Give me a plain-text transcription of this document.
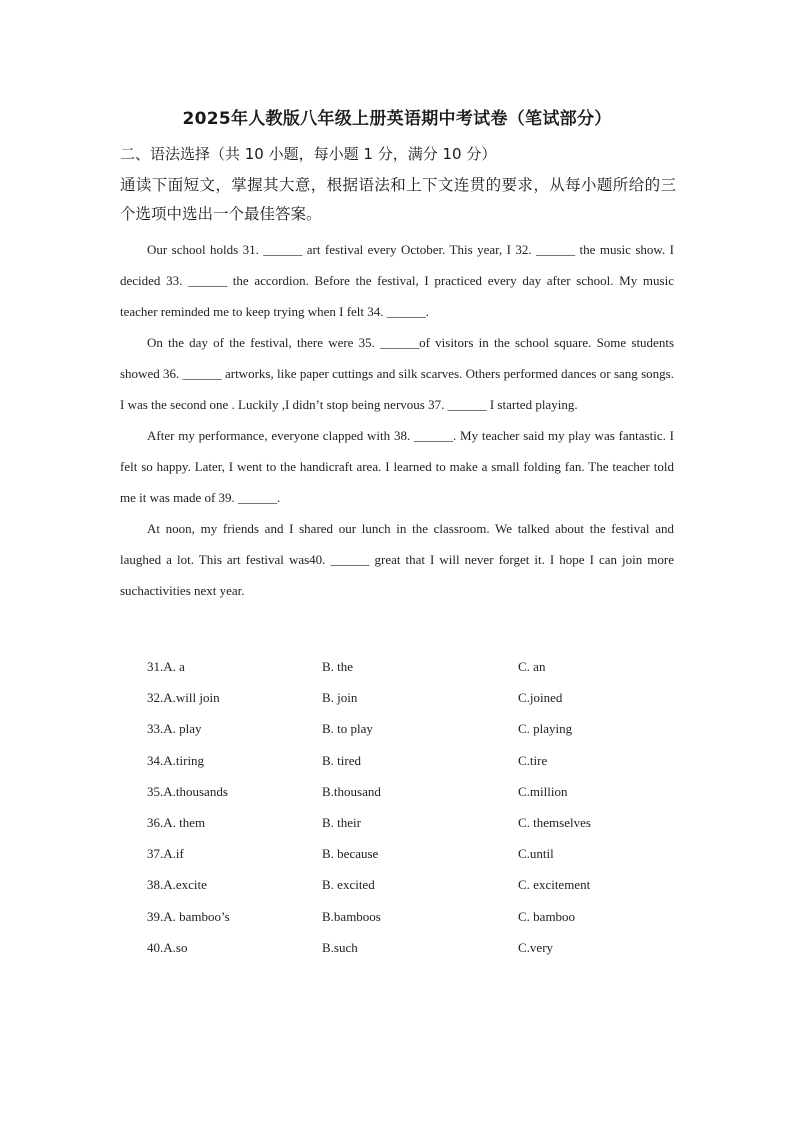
2025年人教版八年级上册英语期中考试卷（笔试部分）
二、语法选择（共 10 小题，每小题 1 分，满分 10 分）
通读下面短文，掌握其大意，根据语法和上下文连贯的要求，从每小题所给的三个选项中选出一个最佳答案。

Our school holds 31. ______ art festival every October. This year, I 32. ______ the music show. I decided 33. ______ the accordion. Before the festival, I practiced every day after school. My music teacher reminded me to keep trying when I felt 34. ______.

On the day of the festival, there were 35. ______of visitors in the school square. Some students showed 36. ______ artworks, like paper cuttings and silk scarves. Others performed dances or sang songs. I was the second one . Luckily ,I didn’t stop being nervous 37. ______ I started playing.

After my performance, everyone clapped with 38. ______. My teacher said my play was fantastic. I felt so happy. Later, I went to the handicraft area. I learned to make a small folding fan. The teacher told me it was made of 39. ______.

At noon, my friends and I shared our lunch in the classroom. We talked about the festival and laughed a lot. This art festival was40. ______ great that I will never forget it. I hope I can join more suchactivities next year.

31.A. a	B. the	C. an
32.A.will join	B. join	C.joined
33.A. play	B. to play	C. playing
34.A.tiring	B. tired	C.tire
35.A.thousands	B.thousand	C.million
36.A. them	B. their	C. themselves
37.A.if	B. because	C.until
38.A.excite	B. excited	C. excitement
39.A. bamboo’s	B.bamboos	C. bamboo
40.A.so	B.such	C.very
